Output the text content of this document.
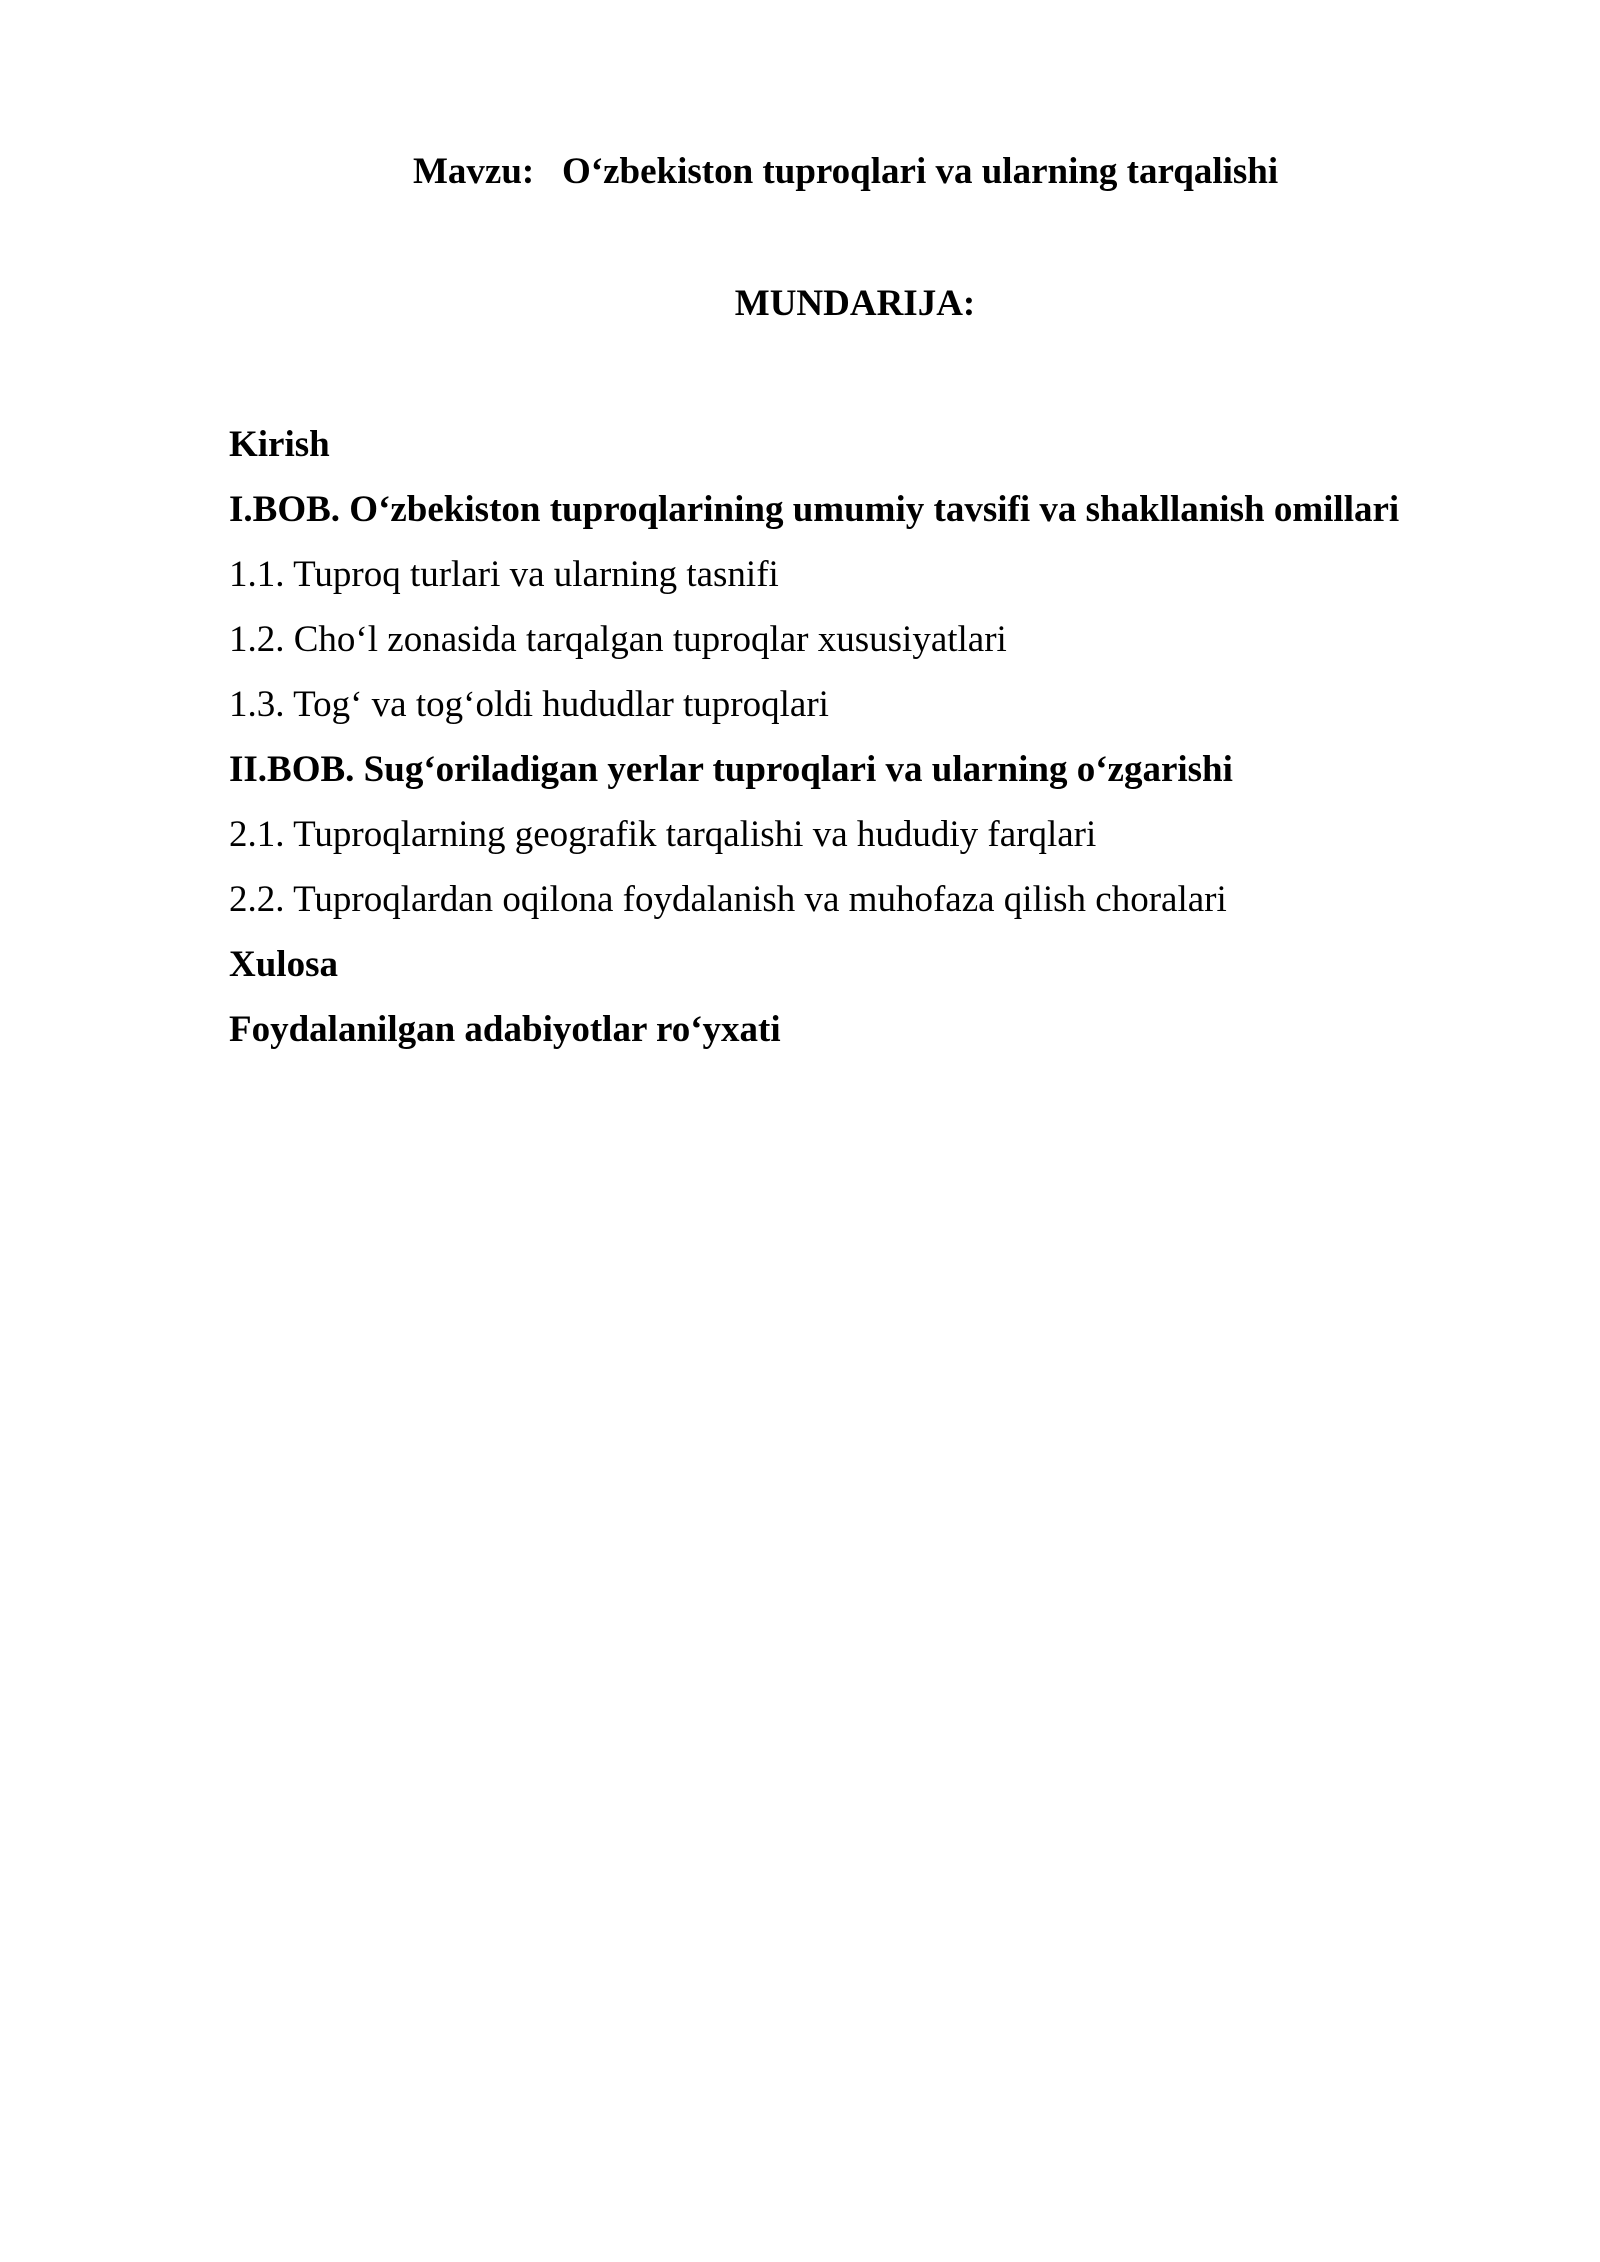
Mavzu: O‘zbekiston tuproqlari va ularning tarqalishi
MUNDARIJA:
Kirish
I.BOB. O‘zbekiston tuproqlarining umumiy tavsifi va shakllanish omillari
1.1. Tuproq turlari va ularning tasnifi
1.2. Cho‘l zonasida tarqalgan tuproqlar xususiyatlari
1.3. Tog‘ va tog‘oldi hududlar tuproqlari
II.BOB. Sug‘oriladigan yerlar tuproqlari va ularning o‘zgarishi
2.1. Tuproqlarning geografik tarqalishi va hududiy farqlari
2.2. Tuproqlardan oqilona foydalanish va muhofaza qilish choralari
Xulosa
Foydalanilgan adabiyotlar ro‘yxati
